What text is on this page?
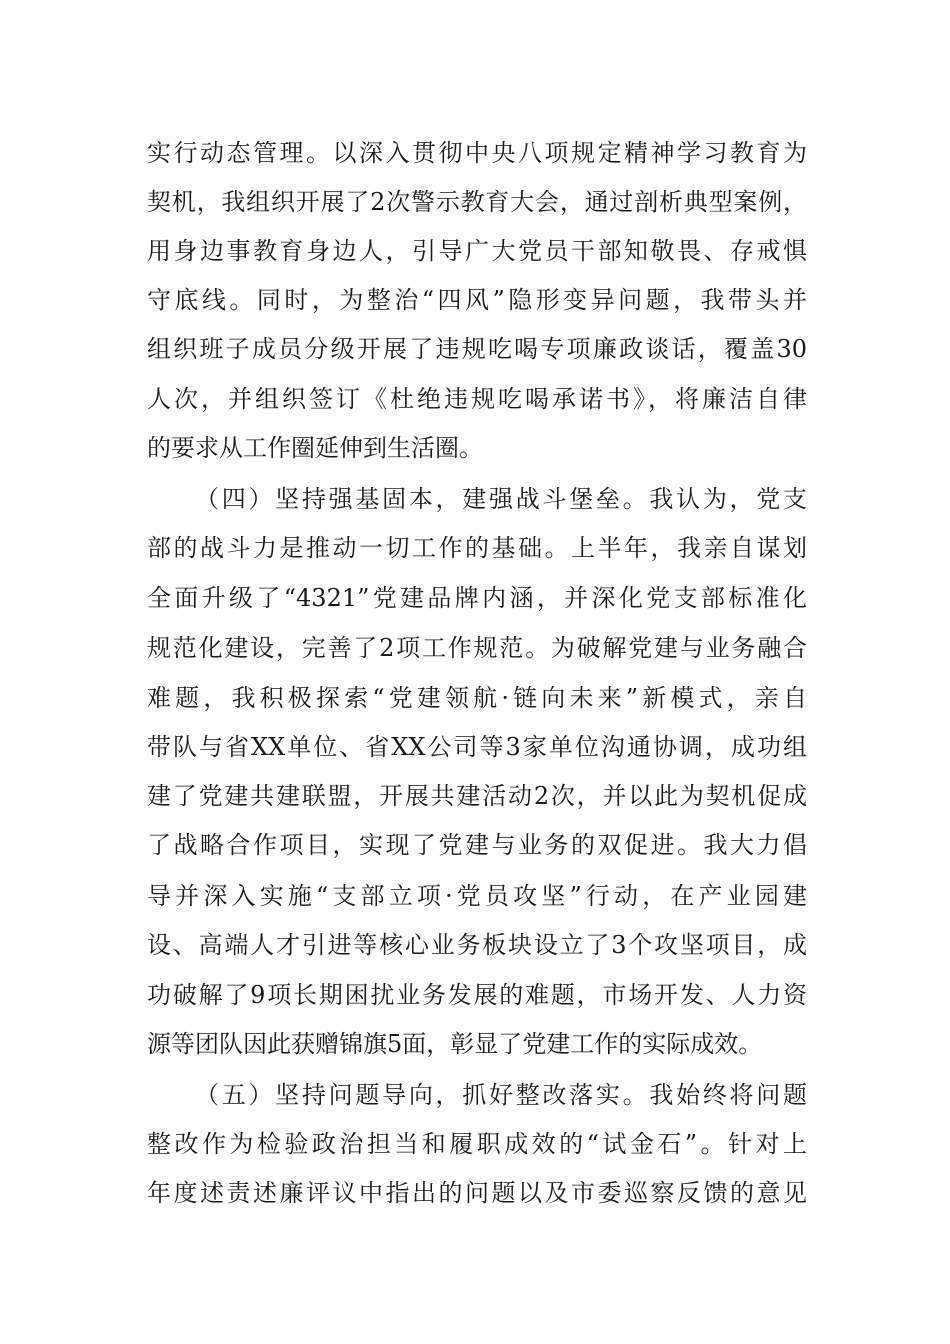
实行动态管理。以深入贯彻中央八项规定精神学习教育为
契机，我组织开展了2次警示教育大会，通过剖析典型案例，
用身边事教育身边人，引导广大党员干部知敬畏、存戒惧
守底线。同时，为整治“四风”隐形变异问题，我带头并
组织班子成员分级开展了违规吃喝专项廉政谈话，覆盖30
人次，并组织签订《杜绝违规吃喝承诺书》，将廉洁自律
的要求从工作圈延伸到生活圈。
（四）坚持强基固本，建强战斗堡垒。我认为，党支
部的战斗力是推动一切工作的基础。上半年，我亲自谋划
全面升级了“4321”党建品牌内涵，并深化党支部标准化
规范化建设，完善了2项工作规范。为破解党建与业务融合
难题，我积极探索“党建领航·链向未来”新模式，亲自
带队与省XX单位、省XX公司等3家单位沟通协调，成功组
建了党建共建联盟，开展共建活动2次，并以此为契机促成
了战略合作项目，实现了党建与业务的双促进。我大力倡
导并深入实施“支部立项·党员攻坚”行动，在产业园建
设、高端人才引进等核心业务板块设立了3个攻坚项目，成
功破解了9项长期困扰业务发展的难题，市场开发、人力资
源等团队因此获赠锦旗5面，彰显了党建工作的实际成效。
（五）坚持问题导向，抓好整改落实。我始终将问题
整改作为检验政治担当和履职成效的“试金石”。针对上
年度述责述廉评议中指出的问题以及市委巡察反馈的意见
